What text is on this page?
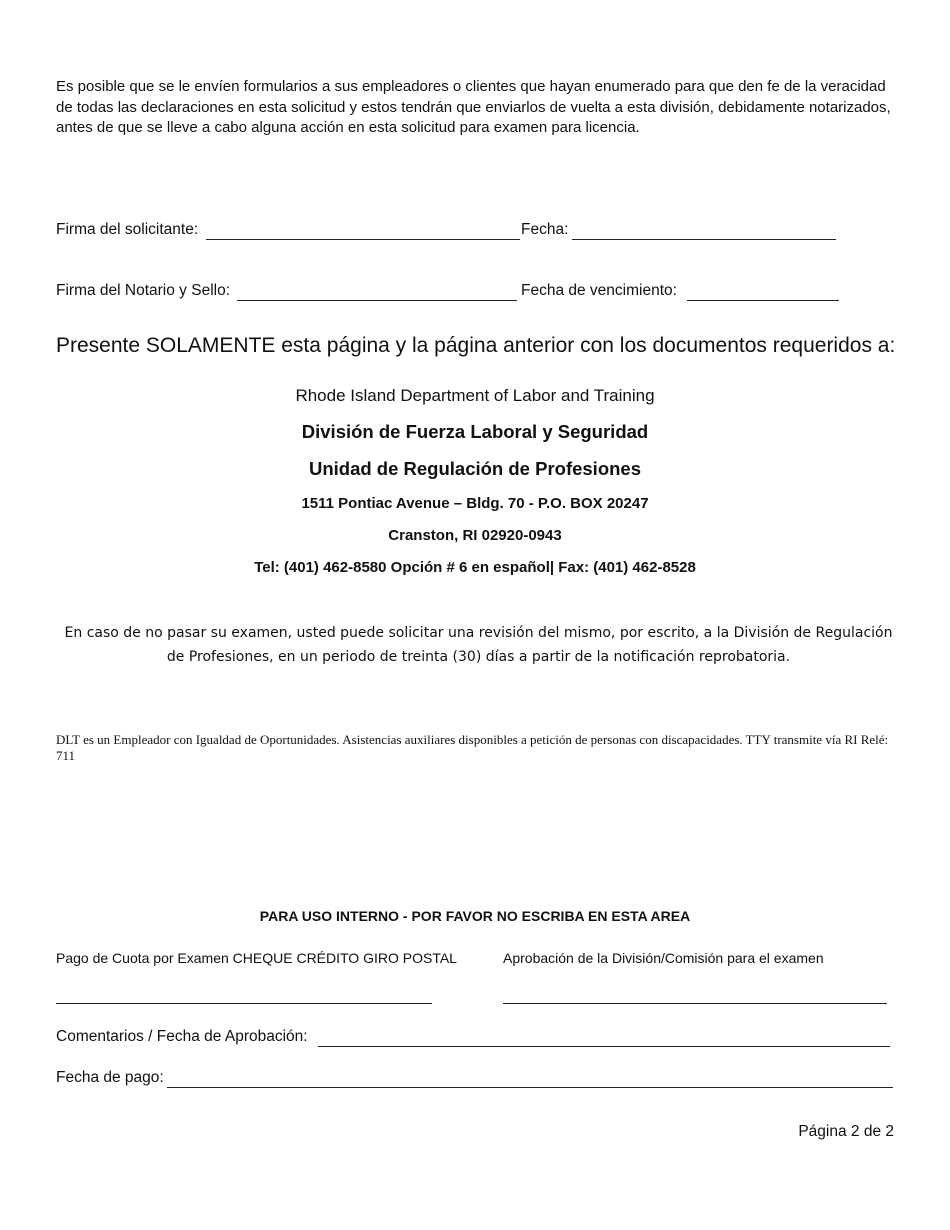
Es posible que se le envíen formularios a sus empleadores o clientes que hayan enumerado para que den fe de la veracidad de todas las declaraciones en esta solicitud y estos tendrán que enviarlos de vuelta a esta división, debidamente notarizados, antes de que se lleve a cabo alguna acción en esta solicitud para examen para licencia.
Firma del solicitante:	Fecha:
Firma del Notario y Sello:	Fecha de vencimiento:
Presente SOLAMENTE esta página y la página anterior con los documentos requeridos a:
Rhode Island Department of Labor and Training
División de Fuerza Laboral y Seguridad
Unidad de Regulación de Profesiones
1511 Pontiac Avenue – Bldg. 70 - P.O. BOX 20247
Cranston, RI 02920-0943
Tel: (401) 462-8580 Opción # 6 en español| Fax: (401) 462-8528
En caso de no pasar su examen, usted puede solicitar una revisión del mismo, por escrito, a la División de Regulación de Profesiones, en un periodo de treinta (30) días a partir de la notificación reprobatoria.
DLT es un Empleador con Igualdad de Oportunidades. Asistencias auxiliares disponibles a petición de personas con discapacidades. TTY transmite vía RI Relé: 711
PARA USO INTERNO - POR FAVOR NO ESCRIBA EN ESTA AREA
Pago de Cuota por Examen CHEQUE CRÉDITO GIRO POSTAL	Aprobación de la División/Comisión para el examen
Comentarios / Fecha de Aprobación:
Fecha de pago:
Página 2 de 2
